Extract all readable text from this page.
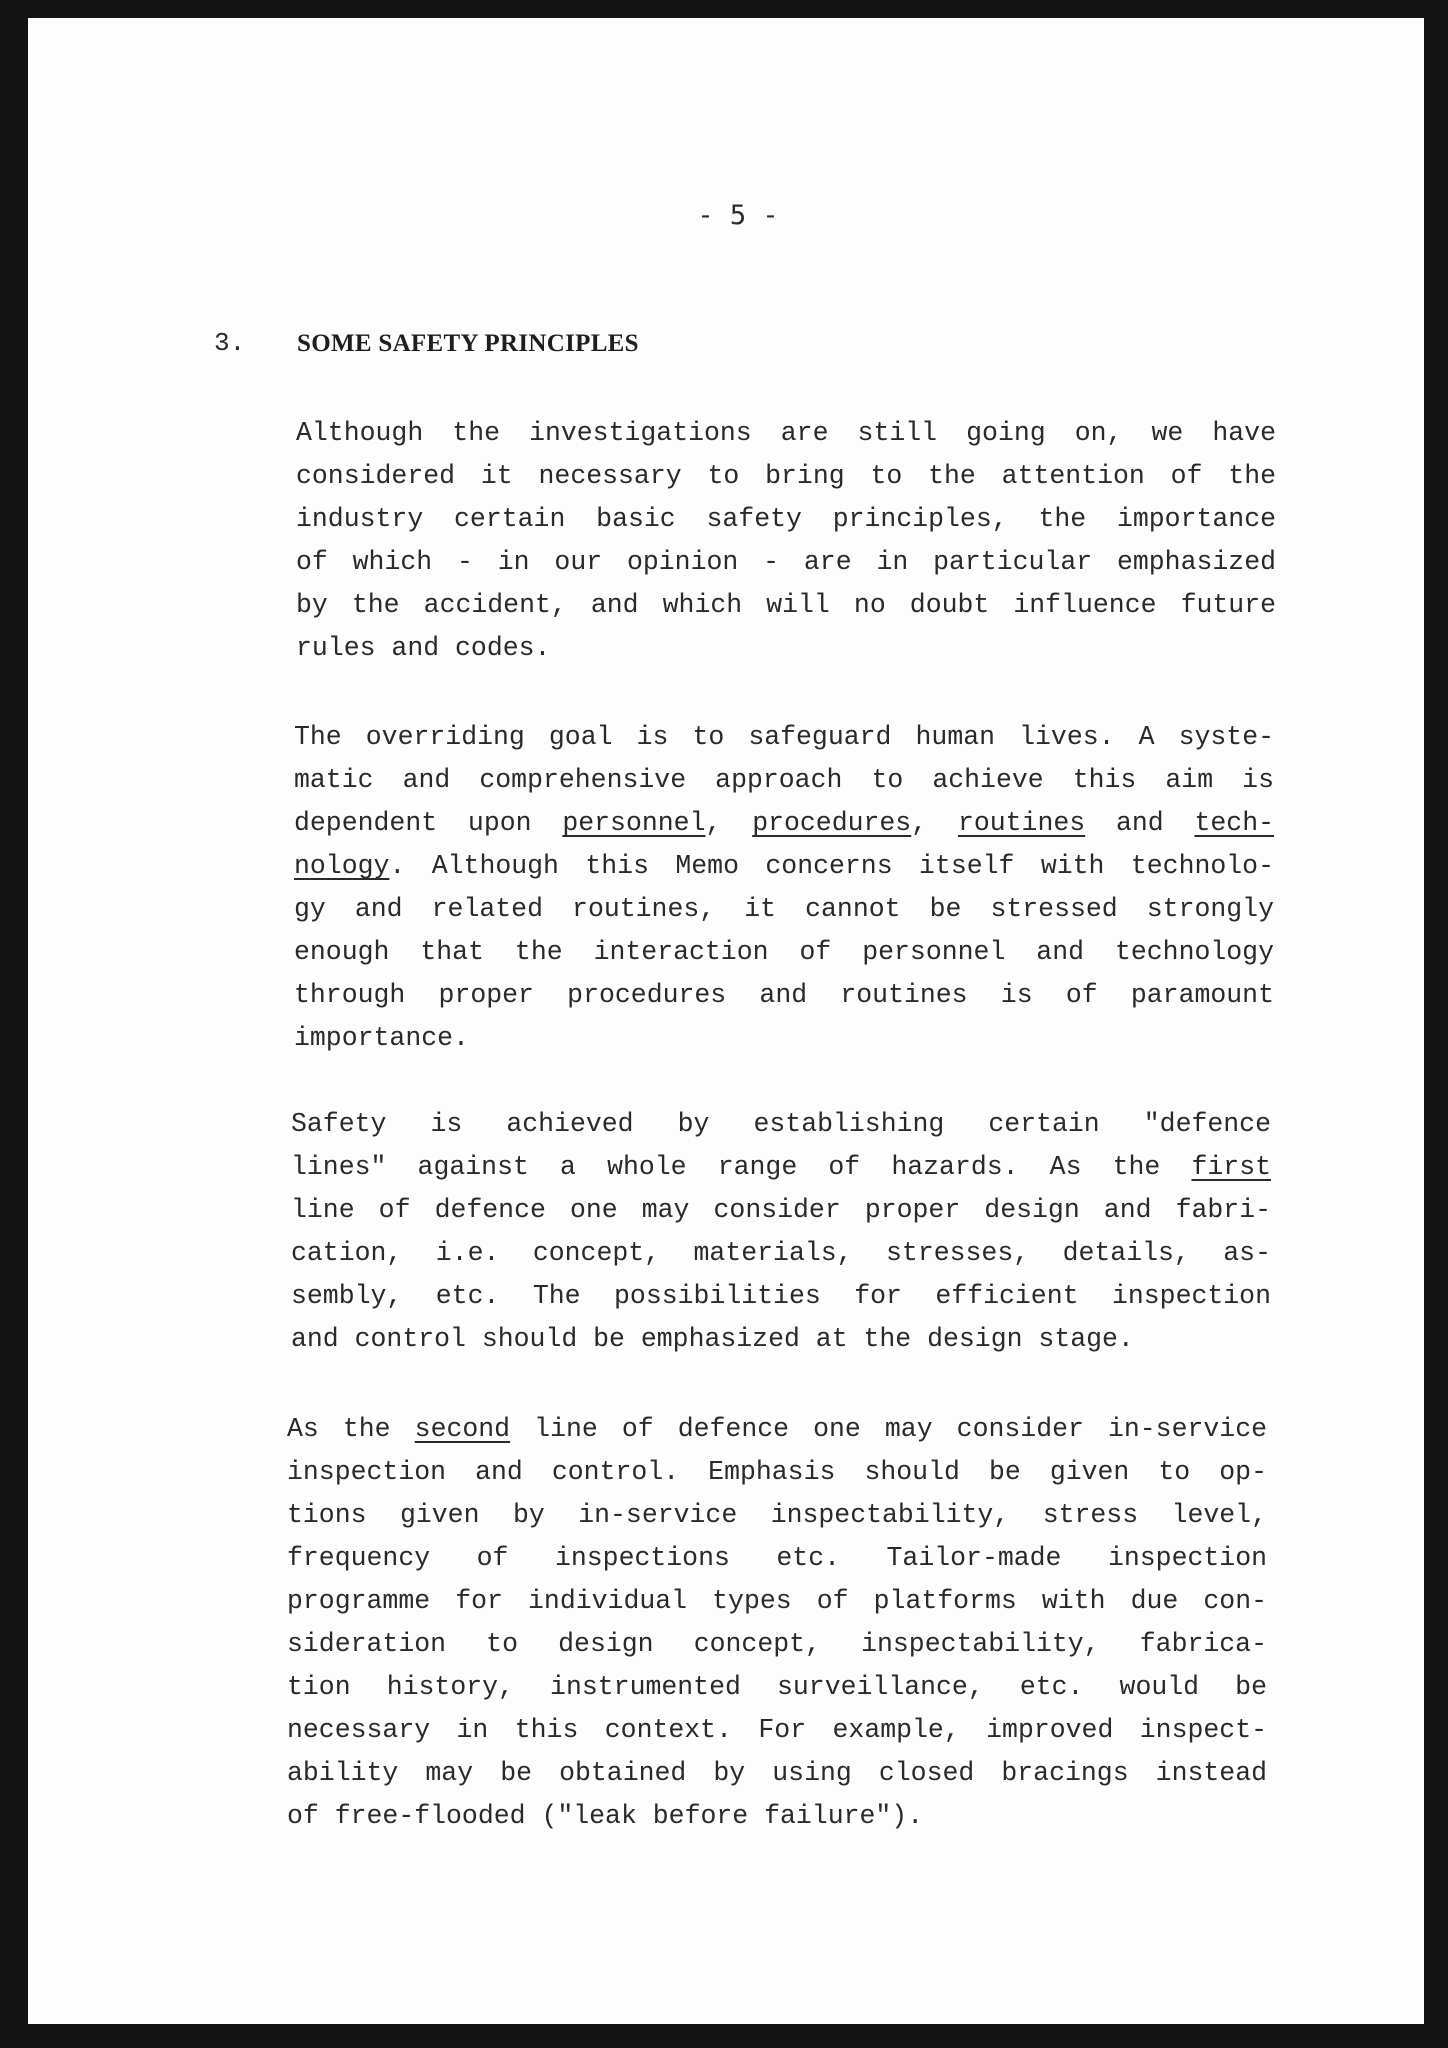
- 5 -
3. SOME SAFETY PRINCIPLES
Although the investigations are still going on, we have
considered it necessary to bring to the attention of the
industry certain basic safety principles, the importance
of which - in our opinion - are in particular emphasized
by the accident, and which will no doubt influence future
rules and codes.
The overriding goal is to safeguard human lives. A syste-
matic and comprehensive approach to achieve this aim is
dependent upon personnel, procedures, routines and tech-
nology. Although this Memo concerns itself with technolo-
gy and related routines, it cannot be stressed strongly
enough that the interaction of personnel and technology
through proper procedures and routines is of paramount
importance.
Safety is achieved by establishing certain "defence
lines" against a whole range of hazards. As the first
line of defence one may consider proper design and fabri-
cation, i.e. concept, materials, stresses, details, as-
sembly, etc. The possibilities for efficient inspection
and control should be emphasized at the design stage.
As the second line of defence one may consider in-service
inspection and control. Emphasis should be given to op-
tions given by in-service inspectability, stress level,
frequency of inspections etc. Tailor-made inspection
programme for individual types of platforms with due con-
sideration to design concept, inspectability, fabrica-
tion history, instrumented surveillance, etc. would be
necessary in this context. For example, improved inspect-
ability may be obtained by using closed bracings instead
of free-flooded ("leak before failure").
